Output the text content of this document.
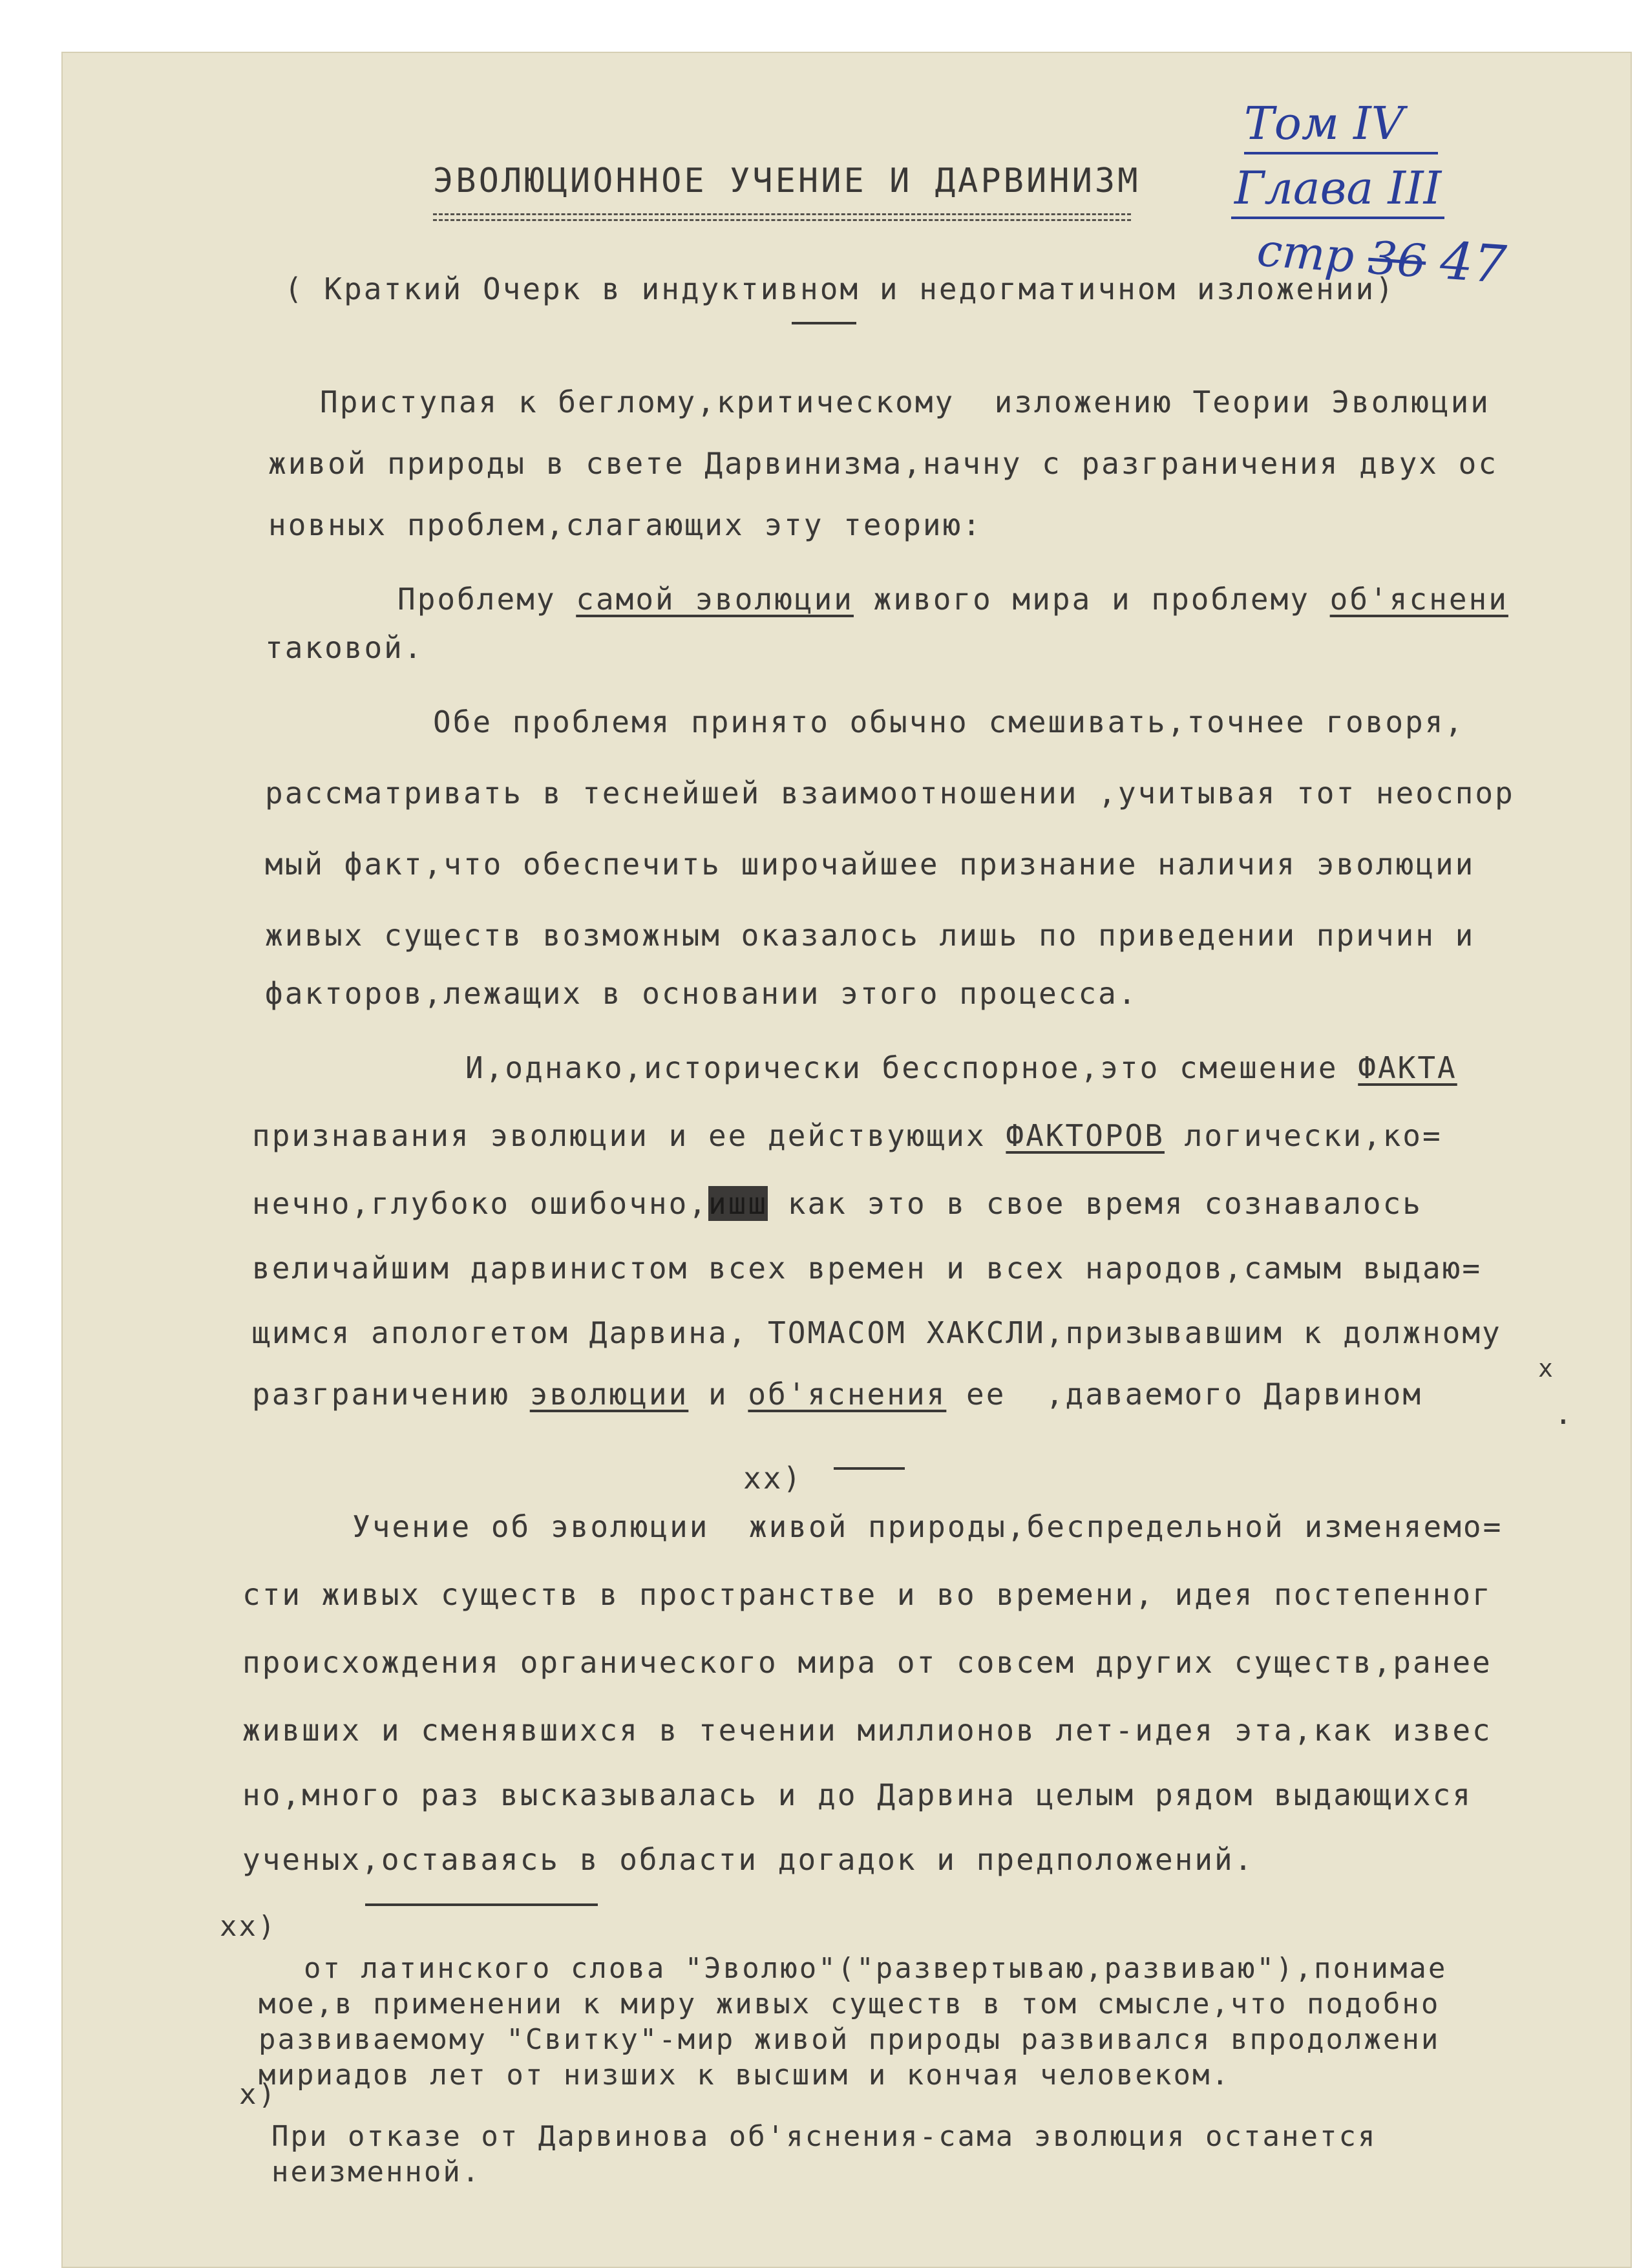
Том IV
Глава III
стр 36 47
ЭВОЛЮЦИОННОЕ УЧЕНИЕ И ДАРВИНИЗМ
( Краткий Очерк в индуктивном и недогматичном изложении)
Приступая к беглому,критическому  изложению Теории Эволюции
живой природы в свете Дарвинизма,начну с разграничения двух ос
новных проблем,слагающих эту теорию:
Проблему самой эволюции живого мира и проблему об'яснени
таковой.
Обе проблемя принято обычно смешивать,точнее говоря,
рассматривать в теснейшей взаимоотношении ,учитывая тот неоспор
мый факт,что обеспечить широчайшее признание наличия эволюции
живых существ возможным оказалось лишь по приведении причин и
факторов,лежащих в основании этого процесса.
И,однако,исторически бесспорное,это смешение ФАКТА
признавания эволюции и ее действующих ФАКТОРОВ логически,ко=
нечно,глубоко ошибочно,ишш как это в свое время сознавалось
величайшим дарвинистом всех времен и всех народов,самым выдаю=
щимся апологетом Дарвина, ТОМАСОМ ХАКСЛИ,призывавшим к должному
разграничению эволюции и об'яснения ее  ,даваемого Дарвином
х
.
хх)
Учение об эволюции  живой природы,беспредельной изменяемо=
сти живых существ в пространстве и во времени, идея постепенног
происхождения органического мира от совсем других существ,ранее
живших и сменявшихся в течении миллионов лет-идея эта,как извес
но,много раз высказывалась и до Дарвина целым рядом выдающихся
ученых,оставаясь в области догадок и предположений.
хх)
от латинского слова "Эволюо"("развертываю,развиваю"),понимае
мое,в применении к миру живых существ в том смысле,что подобно
развиваемому "Свитку"-мир живой природы развивался впродолжени
мириадов лет от низших к высшим и кончая человеком.
х)
При отказе от Дарвинова об'яснения-сама эволюция останется
неизменной.
